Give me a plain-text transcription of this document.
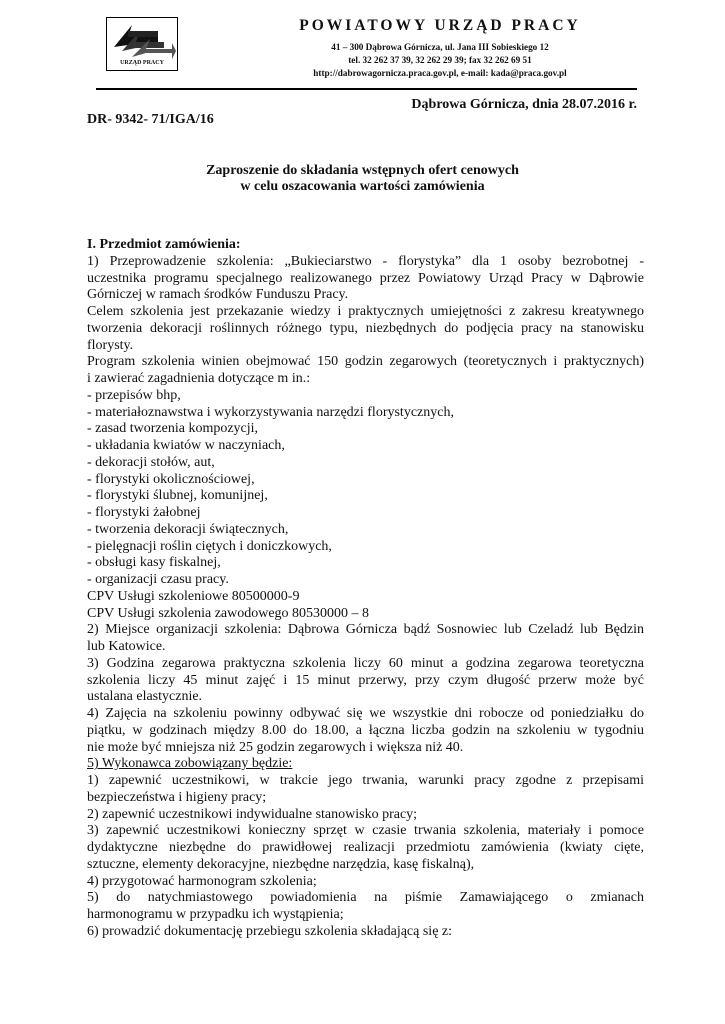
URZĄD PRACY
POWIATOWY URZĄD PRACY
41 – 300 Dąbrowa Górnicza, ul. Jana III Sobieskiego 12
tel. 32 262 37 39, 32 262 29 39; fax 32 262 69 51
http://dabrowagornicza.praca.gov.pl, e-mail: kada@praca.gov.pl
Dąbrowa Górnicza, dnia 28.07.2016 r.
DR- 9342- 71/IGA/16
Zaproszenie do składania wstępnych ofert cenowych
w celu oszacowania wartości zamówienia

I. Przedmiot zamówienia:

1) Przeprowadzenie szkolenia: „Bukieciarstwo - florystyka” dla 1 osoby bezrobotnej -

uczestnika programu specjalnego realizowanego przez Powiatowy Urząd Pracy w Dąbrowie

Górniczej w ramach środków Funduszu Pracy.

Celem szkolenia jest przekazanie wiedzy i praktycznych umiejętności z zakresu kreatywnego

tworzenia dekoracji roślinnych różnego typu, niezbędnych do podjęcia pracy na stanowisku

florysty.

Program szkolenia winien obejmować 150 godzin zegarowych (teoretycznych i praktycznych)

i zawierać zagadnienia dotyczące m in.:

- przepisów bhp,

- materiałoznawstwa i wykorzystywania narzędzi florystycznych,

- zasad tworzenia kompozycji,

- układania kwiatów w naczyniach,

- dekoracji stołów, aut,

- florystyki okolicznościowej,

- florystyki ślubnej, komunijnej,

- florystyki żałobnej

- tworzenia dekoracji świątecznych,

- pielęgnacji roślin ciętych i doniczkowych,

- obsługi kasy fiskalnej,

- organizacji czasu pracy.

CPV Usługi szkoleniowe 80500000-9

CPV Usługi szkolenia zawodowego 80530000 – 8

2) Miejsce organizacji szkolenia: Dąbrowa Górnicza bądź Sosnowiec lub Czeladź lub Będzin

lub Katowice.

3) Godzina zegarowa praktyczna szkolenia liczy 60 minut a godzina zegarowa teoretyczna

szkolenia liczy 45 minut zajęć i 15 minut przerwy, przy czym długość przerw może być

ustalana elastycznie.

4) Zajęcia na szkoleniu powinny odbywać się we wszystkie dni robocze od poniedziałku do

piątku, w godzinach między 8.00 do 18.00, a łączna liczba godzin na szkoleniu w tygodniu

nie może być mniejsza niż 25 godzin zegarowych i większa niż 40.

5) Wykonawca zobowiązany będzie:

1) zapewnić uczestnikowi, w trakcie jego trwania, warunki pracy zgodne z przepisami

bezpieczeństwa i higieny pracy;

2) zapewnić uczestnikowi indywidualne stanowisko pracy;

3) zapewnić uczestnikowi konieczny sprzęt w czasie trwania szkolenia, materiały i pomoce

dydaktyczne niezbędne do prawidłowej realizacji przedmiotu zamówienia (kwiaty cięte,

sztuczne, elementy dekoracyjne, niezbędne narzędzia, kasę fiskalną),

4) przygotować harmonogram szkolenia;

5) do natychmiastowego powiadomienia na piśmie Zamawiającego o zmianach

harmonogramu w przypadku ich wystąpienia;

6) prowadzić dokumentację przebiegu szkolenia składającą się z:
